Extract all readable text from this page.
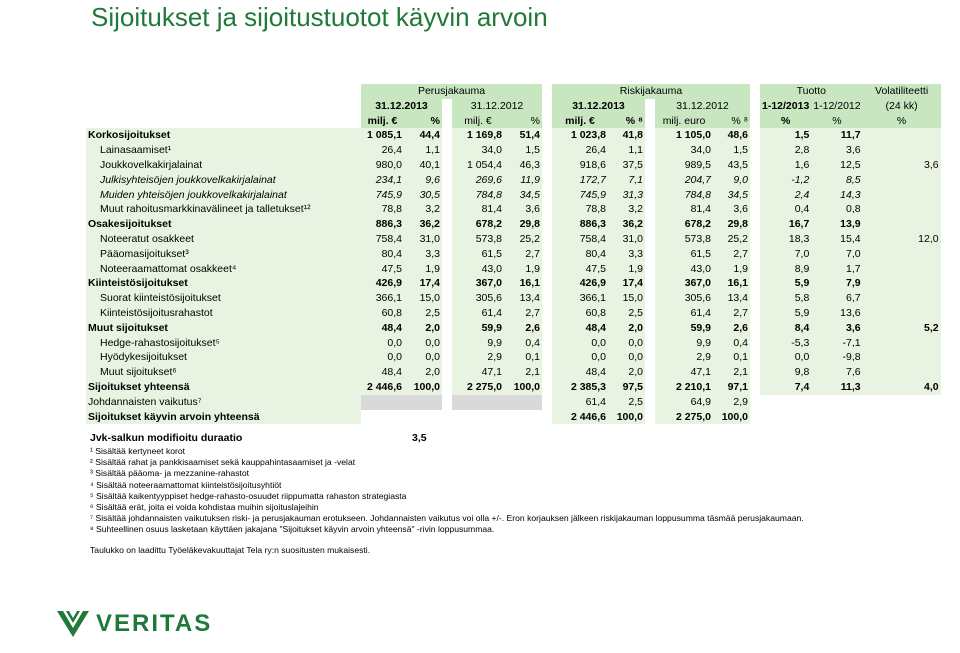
Sijoitukset ja sijoitustuotot käyvin arvoin
	Perusjakauma						Riskijakauma						Tuotto		Volatiliteetti
	31.12.2013			31.12.2012			31.12.2013			31.12.2012			1-12/2013	1-12/2012	(24 kk)
	milj. €	%		milj. €	%		milj. €	% ⁸		milj. euro	% ⁸		%	%	%
Korkosijoitukset	1 085,1	44,4		1 169,8	51,4		1 023,8	41,8		1 105,0	48,6		1,5	11,7	
Lainasaamiset¹	26,4	1,1		34,0	1,5		26,4	1,1		34,0	1,5		2,8	3,6	
Joukkovelkakirjalainat	980,0	40,1		1 054,4	46,3		918,6	37,5		989,5	43,5		1,6	12,5	3,6
Julkisyhteisöjen joukkovelkakirjalainat	234,1	9,6		269,6	11,9		172,7	7,1		204,7	9,0		-1,2	8,5	
Muiden yhteisöjen joukkovelkakirjalainat	745,9	30,5		784,8	34,5		745,9	31,3		784,8	34,5		2,4	14,3	
Muut rahoitusmarkkinavälineet ja talletukset¹²	78,8	3,2		81,4	3,6		78,8	3,2		81,4	3,6		0,4	0,8	
Osakesijoitukset	886,3	36,2		678,2	29,8		886,3	36,2		678,2	29,8		16,7	13,9	
Noteeratut osakkeet	758,4	31,0		573,8	25,2		758,4	31,0		573,8	25,2		18,3	15,4	12,0
Pääomasijoitukset³	80,4	3,3		61,5	2,7		80,4	3,3		61,5	2,7		7,0	7,0	
Noteeraamattomat osakkeet⁴	47,5	1,9		43,0	1,9		47,5	1,9		43,0	1,9		8,9	1,7	
Kiinteistösijoitukset	426,9	17,4		367,0	16,1		426,9	17,4		367,0	16,1		5,9	7,9	
Suorat kiinteistösijoitukset	366,1	15,0		305,6	13,4		366,1	15,0		305,6	13,4		5,8	6,7	
Kiinteistösijoitusrahastot	60,8	2,5		61,4	2,7		60,8	2,5		61,4	2,7		5,9	13,6	
Muut sijoitukset	48,4	2,0		59,9	2,6		48,4	2,0		59,9	2,6		8,4	3,6	5,2
Hedge-rahastosijoitukset⁵	0,0	0,0		9,9	0,4		0,0	0,0		9,9	0,4		-5,3	-7,1	
Hyödykesijoitukset	0,0	0,0		2,9	0,1		0,0	0,0		2,9	0,1		0,0	-9,8	
Muut sijoitukset⁶	48,4	2,0		47,1	2,1		48,4	2,0		47,1	2,1		9,8	7,6	
Sijoitukset yhteensä	2 446,6	100,0		2 275,0	100,0		2 385,3	97,5		2 210,1	97,1		7,4	11,3	4,0
Johdannaisten vaikutus⁷							61,4	2,5		64,9	2,9				
Sijoitukset käyvin arvoin yhteensä							2 446,6	100,0		2 275,0	100,0				
Jvk-salkun modifioitu duraatio	3,5
¹ Sisältää kertyneet korot
² Sisältää rahat ja pankkisaamiset sekä kauppahintasaamiset ja -velat
³ Sisältää pääoma- ja mezzanine-rahastot
⁴ Sisältää noteeraamattomat kiinteistösijoitusyhtiöt
⁵ Sisältää kaikentyyppiset hedge-rahasto-osuudet riippumatta rahaston strategiasta
⁶ Sisältää erät, joita ei voida kohdistaa muihin sijoituslajeihin
⁷ Sisältää johdannaisten vaikutuksen riski- ja perusjakauman erotukseen. Johdannaisten vaikutus voi olla +/-. Eron korjauksen jälkeen riskijakauman loppusumma täsmää perusjakaumaan.
⁸ Suhteellinen osuus lasketaan käyttäen jakajana "Sijoitukset käyvin arvoin yhteensä" -rivin loppusummaa.
Taulukko on laadittu Työeläkevakuuttajat Tela ry:n suositusten mukaisesti.
VERITAS
